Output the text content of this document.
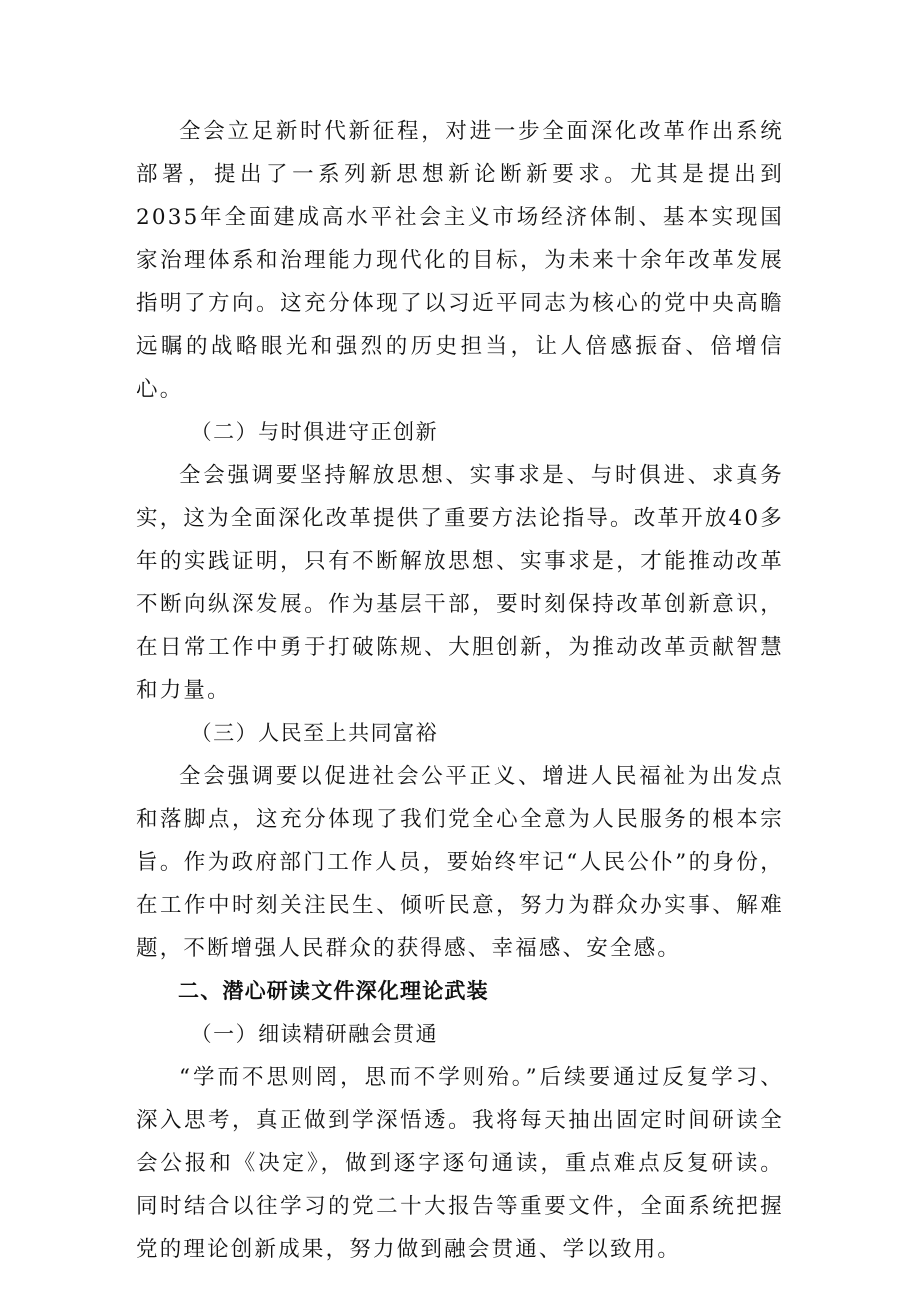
全会立足新时代新征程，对进一步全面深化改革作出系统部署，提出了一系列新思想新论断新要求。尤其是提出到2035年全面建成高水平社会主义市场经济体制、基本实现国家治理体系和治理能力现代化的目标，为未来十余年改革发展指明了方向。这充分体现了以习近平同志为核心的党中央高瞻远瞩的战略眼光和强烈的历史担当，让人倍感振奋、倍增信心。

（二）与时俱进守正创新

全会强调要坚持解放思想、实事求是、与时俱进、求真务实，这为全面深化改革提供了重要方法论指导。改革开放40多年的实践证明，只有不断解放思想、实事求是，才能推动改革不断向纵深发展。作为基层干部，要时刻保持改革创新意识，在日常工作中勇于打破陈规、大胆创新，为推动改革贡献智慧和力量。

（三）人民至上共同富裕

全会强调要以促进社会公平正义、增进人民福祉为出发点和落脚点，这充分体现了我们党全心全意为人民服务的根本宗旨。作为政府部门工作人员，要始终牢记“人民公仆”的身份，在工作中时刻关注民生、倾听民意，努力为群众办实事、解难题，不断增强人民群众的获得感、幸福感、安全感。

二、潜心研读文件深化理论武装

（一）细读精研融会贯通

“学而不思则罔，思而不学则殆。”后续要通过反复学习、深入思考，真正做到学深悟透。我将每天抽出固定时间研读全会公报和《决定》，做到逐字逐句通读，重点难点反复研读。同时结合以往学习的党二十大报告等重要文件，全面系统把握党的理论创新成果，努力做到融会贯通、学以致用。
